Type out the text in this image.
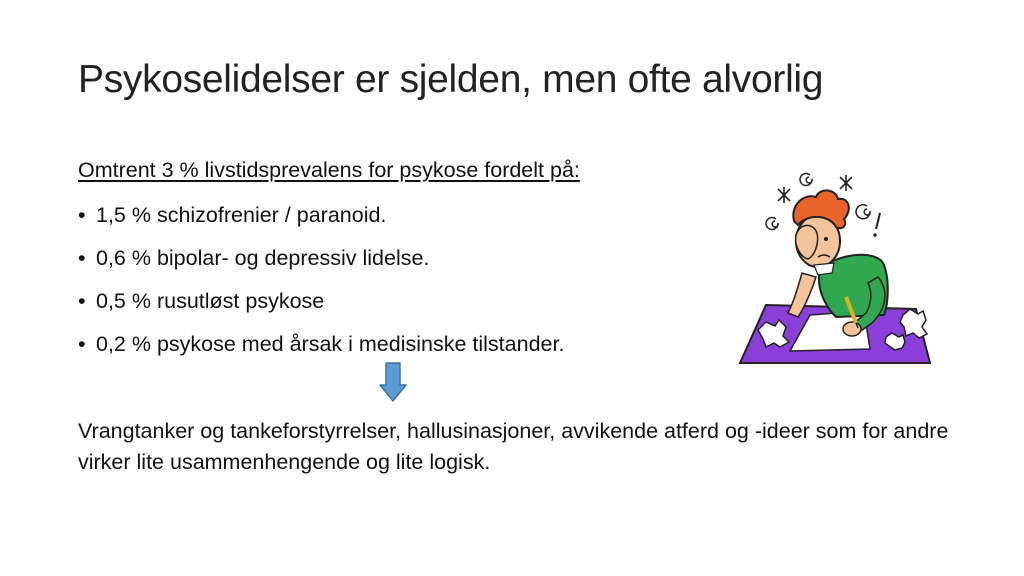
Psykoselidelser er sjelden, men ofte alvorlig
Omtrent 3 % livstidsprevalens for psykose fordelt på:
• 1,5 % schizofrenier / paranoid.
• 0,6 % bipolar- og depressiv lidelse.
• 0,5 % rusutløst psykose
• 0,2 % psykose med årsak i medisinske tilstander.
Vrangtanker og tankeforstyrrelser, hallusinasjoner, avvikende atferd og -ideer som for andre virker lite usammenhengende og lite logisk.
